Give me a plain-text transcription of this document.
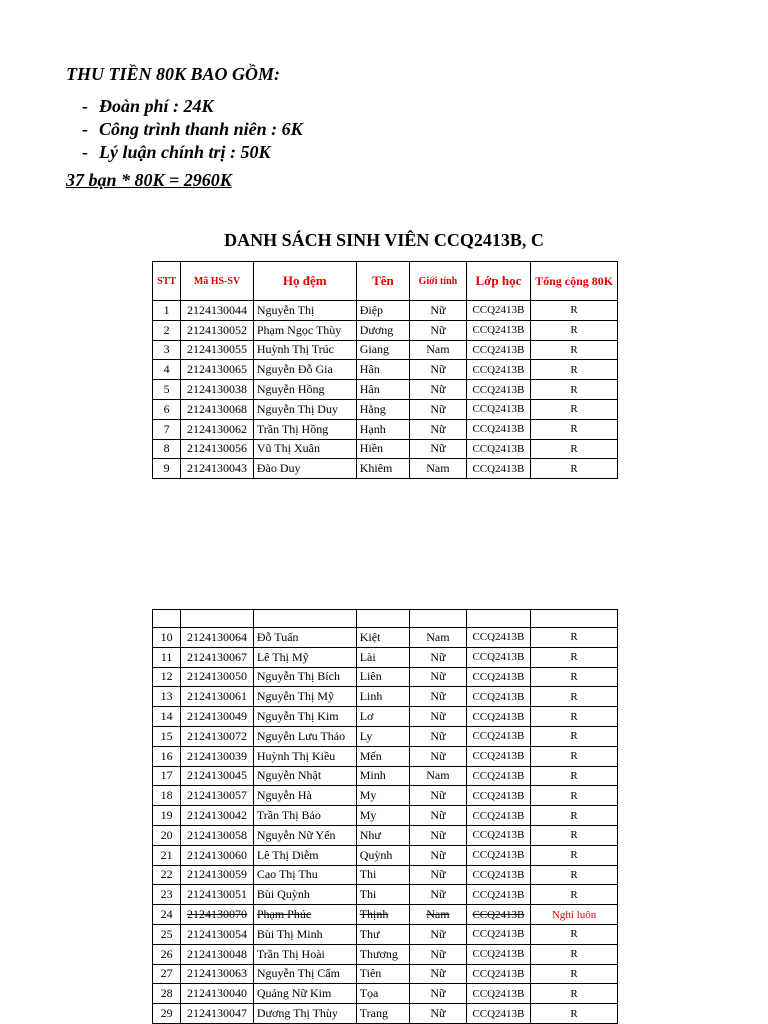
THU TIỀN 80K BAO GỒM:
- Đoàn phí : 24K
- Công trình thanh niên : 6K
- Lý luận chính trị : 50K
37 bạn * 80K = 2960K
DANH SÁCH SINH VIÊN CCQ2413B, C
STT	Mã HS-SV	Họ đệm	Tên	Giới tính	Lớp học	Tổng cộng 80K
1	2124130044	Nguyễn Thị	Điệp	Nữ	CCQ2413B	R
2	2124130052	Phạm Ngọc Thùy	Dương	Nữ	CCQ2413B	R
3	2124130055	Huỳnh Thị Trúc	Giang	Nam	CCQ2413B	R
4	2124130065	Nguyễn Đỗ Gia	Hân	Nữ	CCQ2413B	R
5	2124130038	Nguyễn Hồng	Hân	Nữ	CCQ2413B	R
6	2124130068	Nguyễn Thị Duy	Hằng	Nữ	CCQ2413B	R
7	2124130062	Trần Thị Hồng	Hạnh	Nữ	CCQ2413B	R
8	2124130056	Vũ Thị Xuân	Hiền	Nữ	CCQ2413B	R
9	2124130043	Đào Duy	Khiêm	Nam	CCQ2413B	R

10	2124130064	Đỗ Tuấn	Kiệt	Nam	CCQ2413B	R
11	2124130067	Lê Thị Mỹ	Lài	Nữ	CCQ2413B	R
12	2124130050	Nguyễn Thị Bích	Liên	Nữ	CCQ2413B	R
13	2124130061	Nguyễn Thị Mỹ	Linh	Nữ	CCQ2413B	R
14	2124130049	Nguyễn Thị Kim	Lơ	Nữ	CCQ2413B	R
15	2124130072	Nguyễn Lưu Thảo	Ly	Nữ	CCQ2413B	R
16	2124130039	Huỳnh Thị Kiều	Mến	Nữ	CCQ2413B	R
17	2124130045	Nguyễn Nhật	Minh	Nam	CCQ2413B	R
18	2124130057	Nguyễn Hà	My	Nữ	CCQ2413B	R
19	2124130042	Trần Thị Bảo	My	Nữ	CCQ2413B	R
20	2124130058	Nguyễn Nữ Yến	Như	Nữ	CCQ2413B	R
21	2124130060	Lê Thị Diễm	Quỳnh	Nữ	CCQ2413B	R
22	2124130059	Cao Thị Thu	Thi	Nữ	CCQ2413B	R
23	2124130051	Bùi Quỳnh	Thi	Nữ	CCQ2413B	R
24	2124130070	Phạm Phúc	Thịnh	Nam	CCQ2413B	Nghỉ luôn
25	2124130054	Bùi Thị Minh	Thư	Nữ	CCQ2413B	R
26	2124130048	Trần Thị Hoài	Thương	Nữ	CCQ2413B	R
27	2124130063	Nguyễn Thị Cẩm	Tiên	Nữ	CCQ2413B	R
28	2124130040	Quảng Nữ Kim	Tọa	Nữ	CCQ2413B	R
29	2124130047	Dương Thị Thùy	Trang	Nữ	CCQ2413B	R
